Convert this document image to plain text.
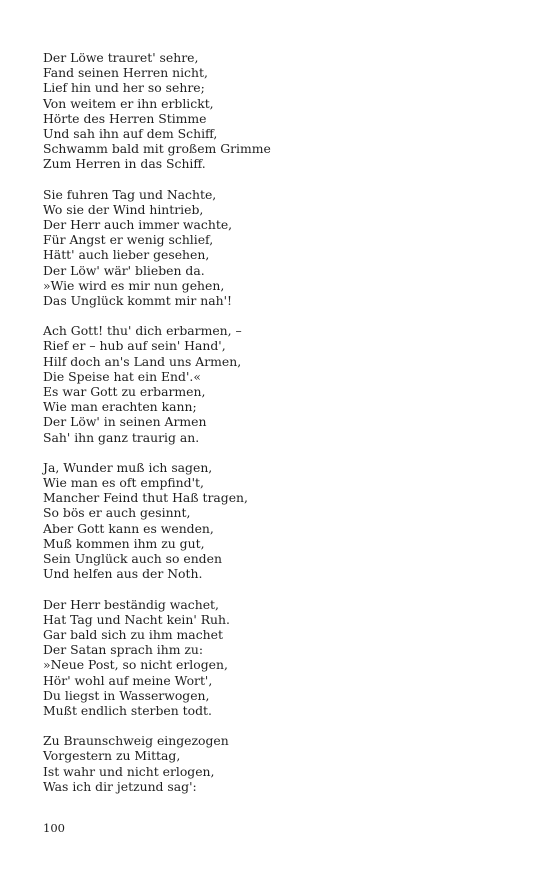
Der Löwe trauret' sehre,
Fand seinen Herren nicht,
Lief hin und her so sehre;
Von weitem er ihn erblickt,
Hörte des Herren Stimme
Und sah ihn auf dem Schiff,
Schwamm bald mit großem Grimme
Zum Herren in das Schiff.
Sie fuhren Tag und Nachte,
Wo sie der Wind hintrieb,
Der Herr auch immer wachte,
Für Angst er wenig schlief,
Hätt' auch lieber gesehen,
Der Löw' wär' blieben da.
»Wie wird es mir nun gehen,
Das Unglück kommt mir nah'!
Ach Gott! thu' dich erbarmen, –
Rief er – hub auf sein' Hand',
Hilf doch an's Land uns Armen,
Die Speise hat ein End'.«
Es war Gott zu erbarmen,
Wie man erachten kann;
Der Löw' in seinen Armen
Sah' ihn ganz traurig an.
Ja, Wunder muß ich sagen,
Wie man es oft empfind't,
Mancher Feind thut Haß tragen,
So bös er auch gesinnt,
Aber Gott kann es wenden,
Muß kommen ihm zu gut,
Sein Unglück auch so enden
Und helfen aus der Noth.
Der Herr beständig wachet,
Hat Tag und Nacht kein' Ruh.
Gar bald sich zu ihm machet
Der Satan sprach ihm zu:
»Neue Post, so nicht erlogen,
Hör' wohl auf meine Wort',
Du liegst in Wasserwogen,
Mußt endlich sterben todt.
Zu Braunschweig eingezogen
Vorgestern zu Mittag,
Ist wahr und nicht erlogen,
Was ich dir jetzund sag':
100
